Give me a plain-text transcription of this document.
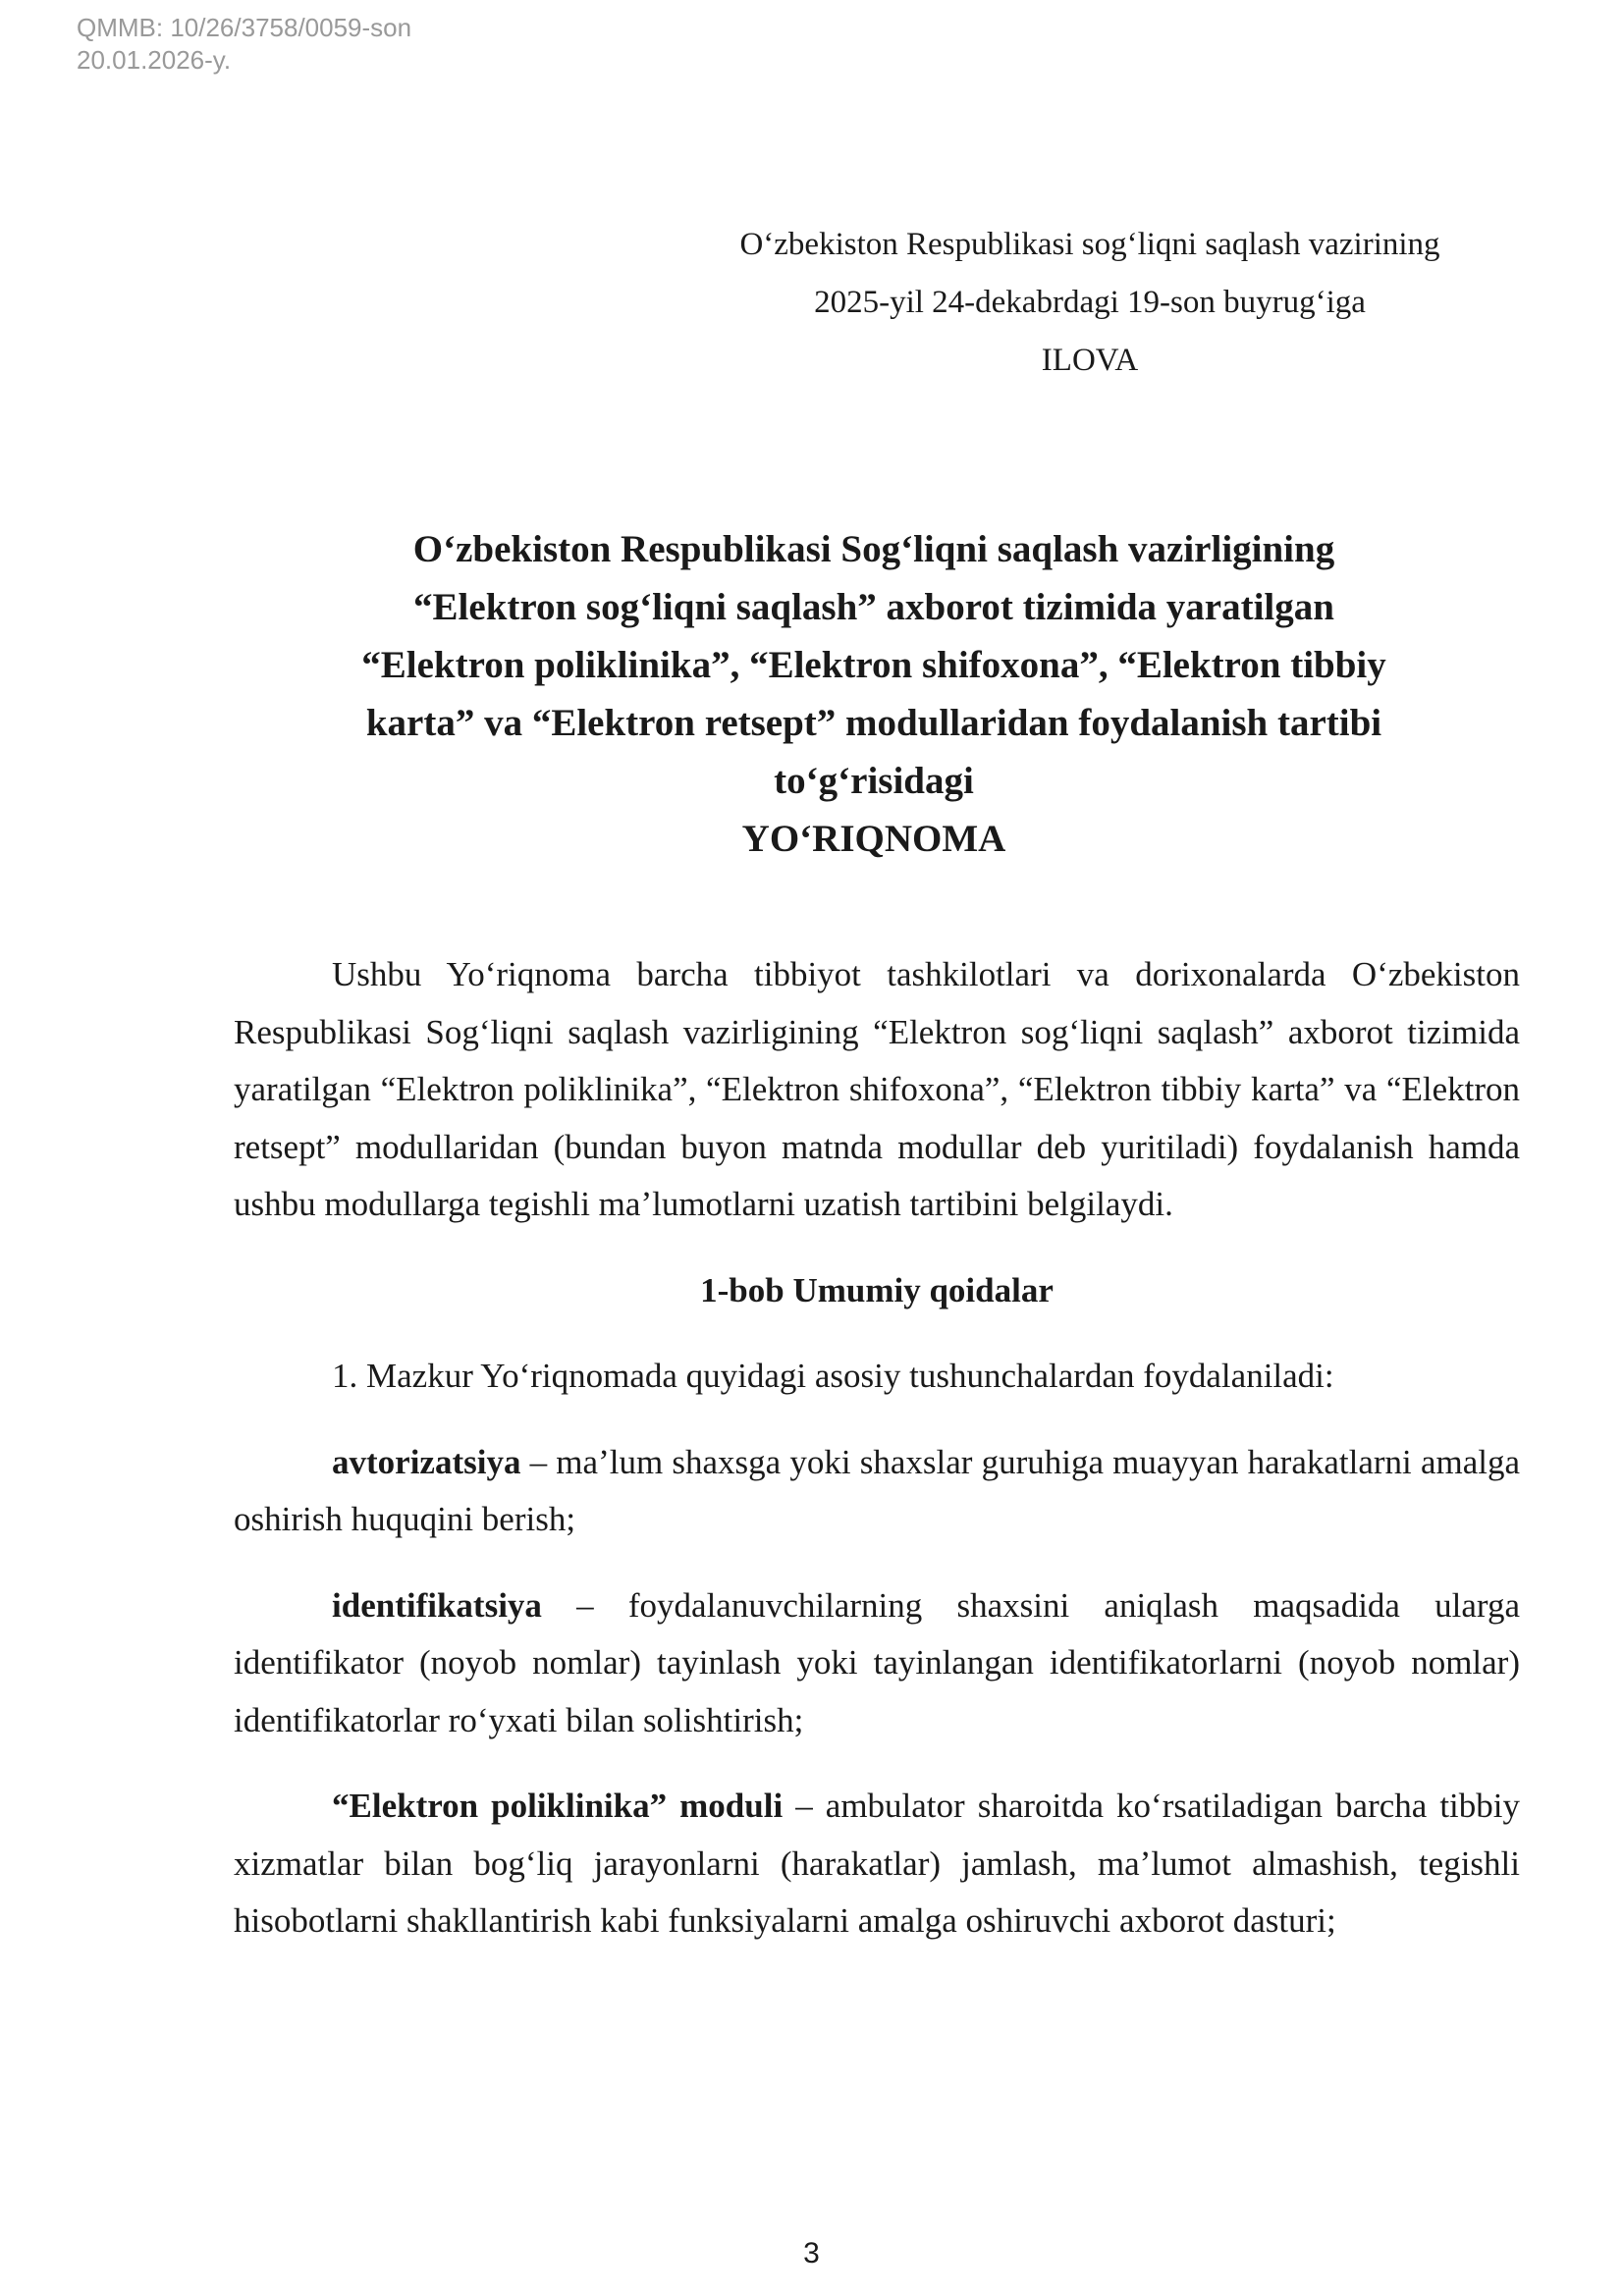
QMMB: 10/26/3758/0059-son
20.01.2026-y.
Oʻzbekiston Respublikasi sogʻliqni saqlash vazirining
2025-yil 24-dekabrdagi 19-son buyrugʻiga
ILOVA
Oʻzbekiston Respublikasi Sogʻliqni saqlash vazirligining
“Elektron sogʻliqni saqlash” axborot tizimida yaratilgan
“Elektron poliklinika”, “Elektron shifoxona”, “Elektron tibbiy
karta” va “Elektron retsept” modullaridan foydalanish tartibi
toʻgʻrisidagi
YOʻRIQNOMA

Ushbu Yoʻriqnoma barcha tibbiyot tashkilotlari va dorixonalarda Oʻzbekiston Respublikasi Sogʻliqni saqlash vazirligining “Elektron sogʻliqni saqlash” axborot tizimida yaratilgan “Elektron poliklinika”, “Elektron shifoxona”, “Elektron tibbiy karta” va “Elektron retsept” modullaridan (bundan buyon matnda modullar deb yuritiladi) foydalanish hamda ushbu modullarga tegishli maʼlumotlarni uzatish tartibini belgilaydi.

1-bob Umumiy qoidalar

1. Mazkur Yoʻriqnomada quyidagi asosiy tushunchalardan foydalaniladi:

avtorizatsiya – maʼlum shaxsga yoki shaxslar guruhiga muayyan harakatlarni amalga oshirish huquqini berish;

identifikatsiya – foydalanuvchilarning shaxsini aniqlash maqsadida ularga identifikator (noyob nomlar) tayinlash yoki tayinlangan identifikatorlarni (noyob nomlar) identifikatorlar roʻyxati bilan solishtirish;

“Elektron poliklinika” moduli – ambulator sharoitda koʻrsatiladigan barcha tibbiy xizmatlar bilan bogʻliq jarayonlarni (harakatlar) jamlash, maʼlumot almashish, tegishli hisobotlarni shakllantirish kabi funksiyalarni amalga oshiruvchi axborot dasturi;

3
